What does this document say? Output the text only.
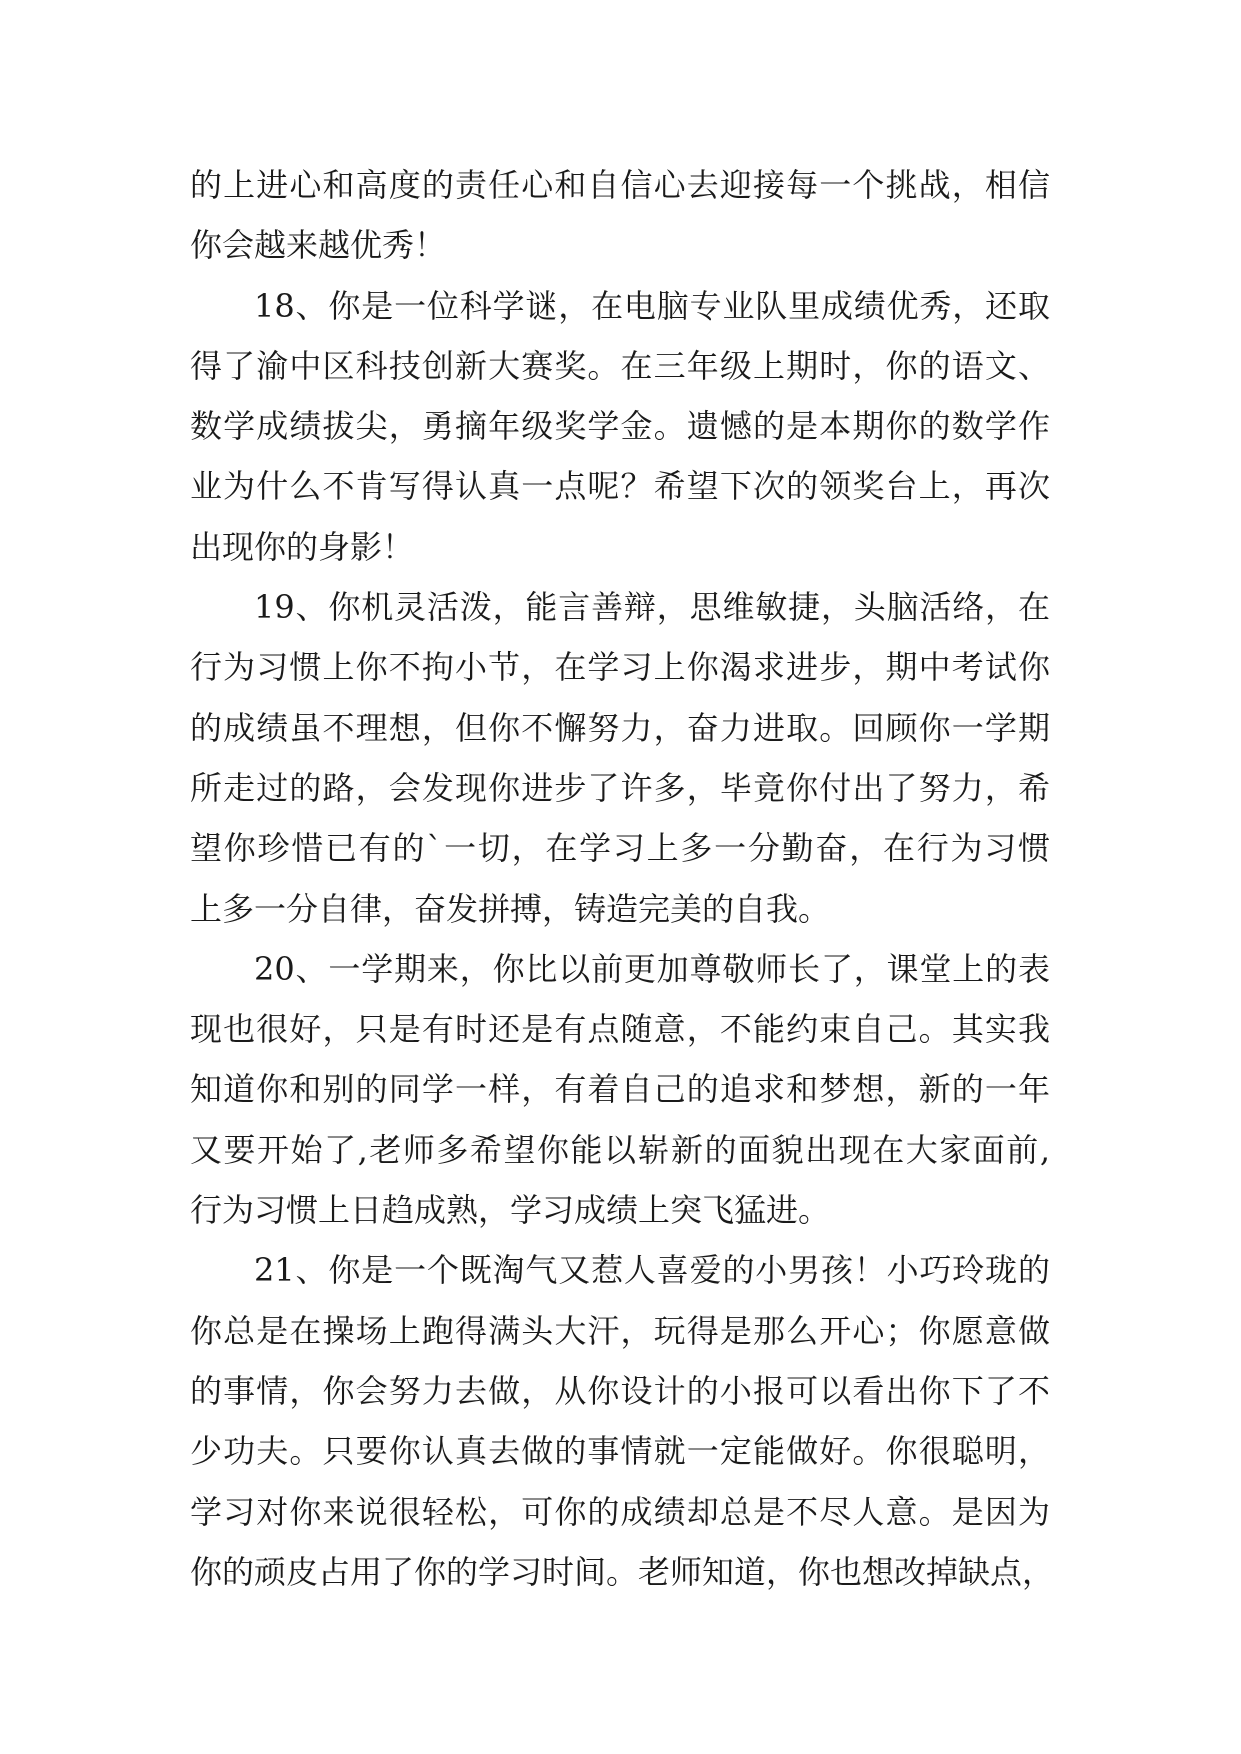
的上进心和高度的责任心和自信心去迎接每一个挑战，相信
你会越来越优秀！
18、你是一位科学谜，在电脑专业队里成绩优秀，还取
得了渝中区科技创新大赛奖。在三年级上期时，你的语文、
数学成绩拔尖，勇摘年级奖学金。遗憾的是本期你的数学作
业为什么不肯写得认真一点呢？希望下次的领奖台上，再次
出现你的身影！
19、你机灵活泼，能言善辩，思维敏捷，头脑活络，在
行为习惯上你不拘小节，在学习上你渴求进步，期中考试你
的成绩虽不理想，但你不懈努力，奋力进取。回顾你一学期
所走过的路，会发现你进步了许多，毕竟你付出了努力，希
望你珍惜已有的`一切，在学习上多一分勤奋，在行为习惯
上多一分自律，奋发拼搏，铸造完美的自我。
20、一学期来，你比以前更加尊敬师长了，课堂上的表
现也很好，只是有时还是有点随意，不能约束自己。其实我
知道你和别的同学一样，有着自己的追求和梦想，新的一年
又要开始了,老师多希望你能以崭新的面貌出现在大家面前,
行为习惯上日趋成熟，学习成绩上突飞猛进。
21、你是一个既淘气又惹人喜爱的小男孩！小巧玲珑的
你总是在操场上跑得满头大汗，玩得是那么开心；你愿意做
的事情，你会努力去做，从你设计的小报可以看出你下了不
少功夫。只要你认真去做的事情就一定能做好。你很聪明，
学习对你来说很轻松，可你的成绩却总是不尽人意。是因为
你的顽皮占用了你的学习时间。老师知道，你也想改掉缺点，
